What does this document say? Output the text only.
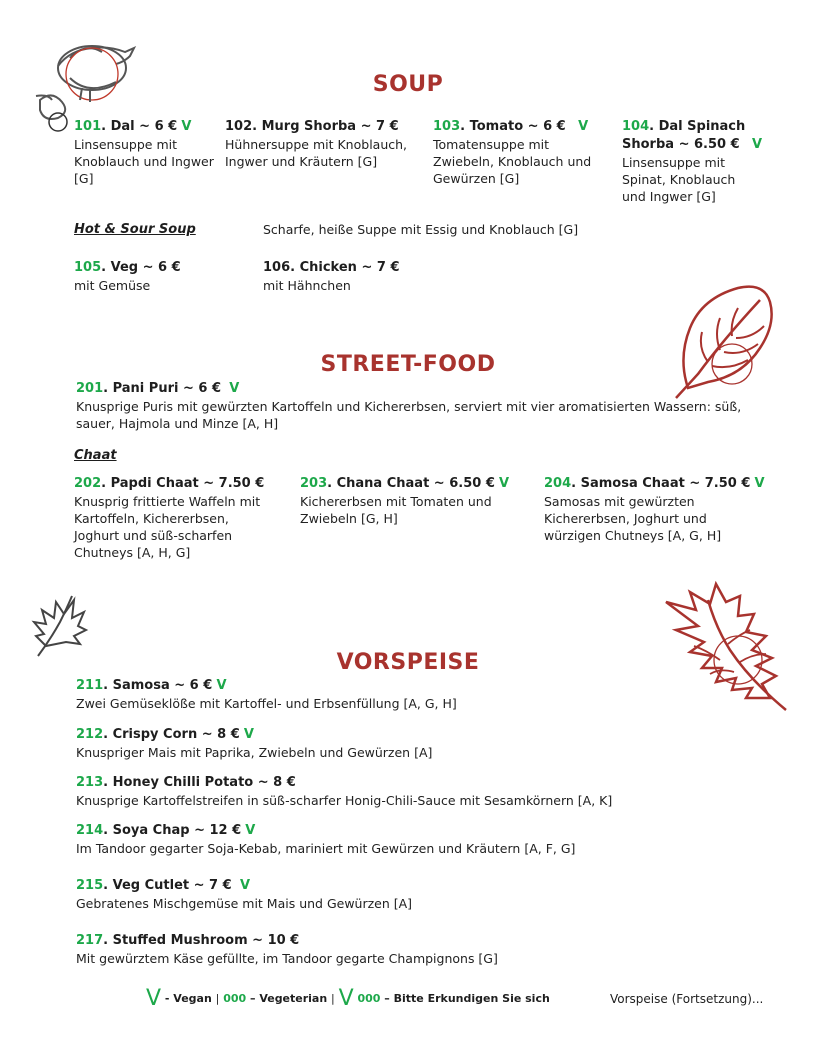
SOUP
101. Dal ~ 6 € V
Linsensuppe mit Knoblauch und Ingwer [G]
102. Murg Shorba ~ 7 €
Hühnersuppe mit Knoblauch, Ingwer und Kräutern [G]
103. Tomato ~ 6 € V
Tomatensuppe mit Zwiebeln, Knoblauch und Gewürzen [G]
104. Dal Spinach
Shorba ~ 6.50 € V
Linsensuppe mit Spinat, Knoblauch und Ingwer [G]
Hot & Sour Soup	Scharfe, heiße Suppe mit Essig und Knoblauch [G]
105. Veg ~ 6 €
mit Gemüse
106. Chicken ~ 7 €
mit Hähnchen
STREET-FOOD
201. Pani Puri ~ 6 € V
Knusprige Puris mit gewürzten Kartoffeln und Kichererbsen, serviert mit vier aromatisierten Wassern: süß, sauer, Hajmola und Minze [A, H]
Chaat
202. Papdi Chaat ~ 7.50 €
Knusprig frittierte Waffeln mit Kartoffeln, Kichererbsen, Joghurt und süß-scharfen Chutneys [A, H, G]
203. Chana Chaat ~ 6.50 € V
Kichererbsen mit Tomaten und Zwiebeln [G, H]
204. Samosa Chaat ~ 7.50 € V
Samosas mit gewürzten Kichererbsen, Joghurt und würzigen Chutneys [A, G, H]
VORSPEISE
211. Samosa ~ 6 € V
Zwei Gemüseklöße mit Kartoffel- und Erbsenfüllung [A, G, H]
212. Crispy Corn ~ 8 € V
Knuspriger Mais mit Paprika, Zwiebeln und Gewürzen [A]
213. Honey Chilli Potato ~ 8 €
Knusprige Kartoffelstreifen in süß-scharfer Honig-Chili-Sauce mit Sesamkörnern [A, K]
214. Soya Chap ~ 12 € V
Im Tandoor gegarter Soja-Kebab, mariniert mit Gewürzen und Kräutern [A, F, G]
215. Veg Cutlet ~ 7 € V
Gebratenes Mischgemüse mit Mais und Gewürzen [A]
217. Stuffed Mushroom ~ 10 €
Mit gewürztem Käse gefüllte, im Tandoor gegarte Champignons [G]
V - Vegan | 000 – Vegeterian | V 000 – Bitte Erkundigen Sie sich	Vorspeise (Fortsetzung)...
